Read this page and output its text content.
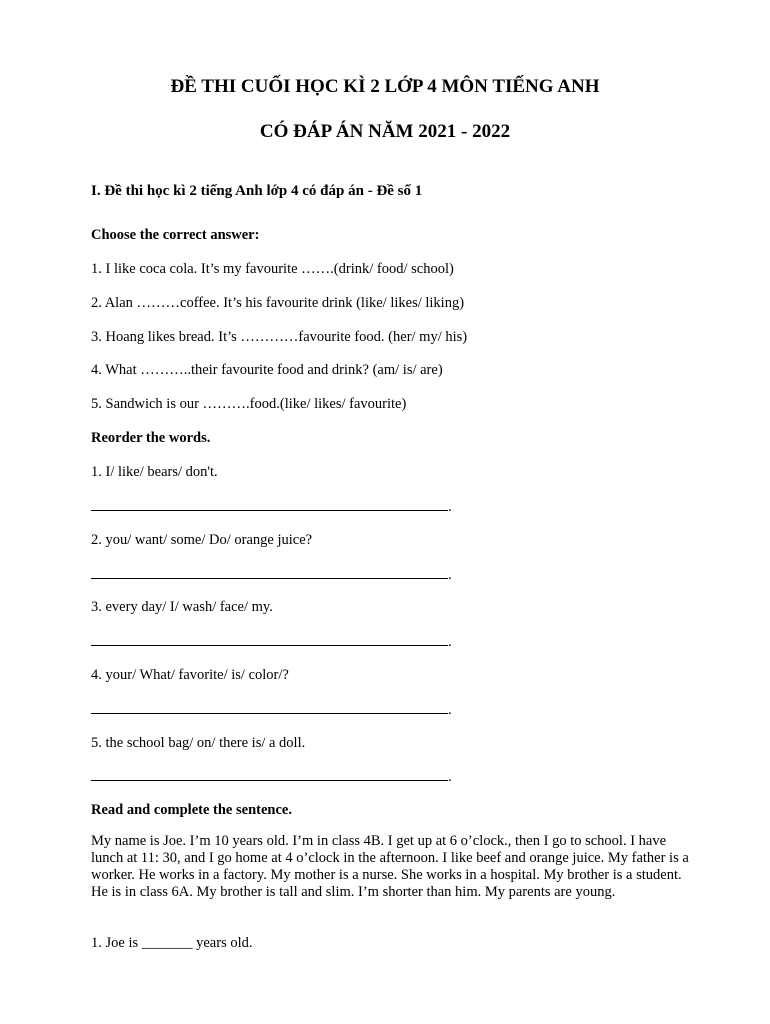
ĐỀ THI CUỐI HỌC KÌ 2 LỚP 4 MÔN TIẾNG ANH
CÓ ĐÁP ÁN NĂM 2021 - 2022

I. Đề thi học kì 2 tiếng Anh lớp 4 có đáp án - Đề số 1

Choose the correct answer:

1. I like coca cola. It’s my favourite …….(drink/ food/ school)

2. Alan ………coffee. It’s his favourite drink (like/ likes/ liking)

3. Hoang likes bread. It’s …………favourite food. (her/ my/ his)

4. What ………..their favourite food and drink? (am/ is/ are)

5. Sandwich is our ……….food.(like/ likes/ favourite)

Reorder the words.

1. I/ like/ bears/ don't.

.

2. you/ want/ some/ Do/ orange juice?

.

3. every day/ I/ wash/ face/ my.

.

4. your/ What/ favorite/ is/ color/?

.

5. the school bag/ on/ there is/ a doll.

.

Read and complete the sentence.

My name is Joe. I’m 10 years old. I’m in class 4B. I get up at 6 o’clock., then I go to school. I have lunch at 11: 30, and I go home at 4 o’clock in the afternoon. I like beef and orange juice. My father is a worker. He works in a factory. My mother is a nurse. She works in a hospital. My brother is a student. He is in class 6A. My brother is tall and slim. I’m shorter than him. My parents are young.

1. Joe is _______ years old.
